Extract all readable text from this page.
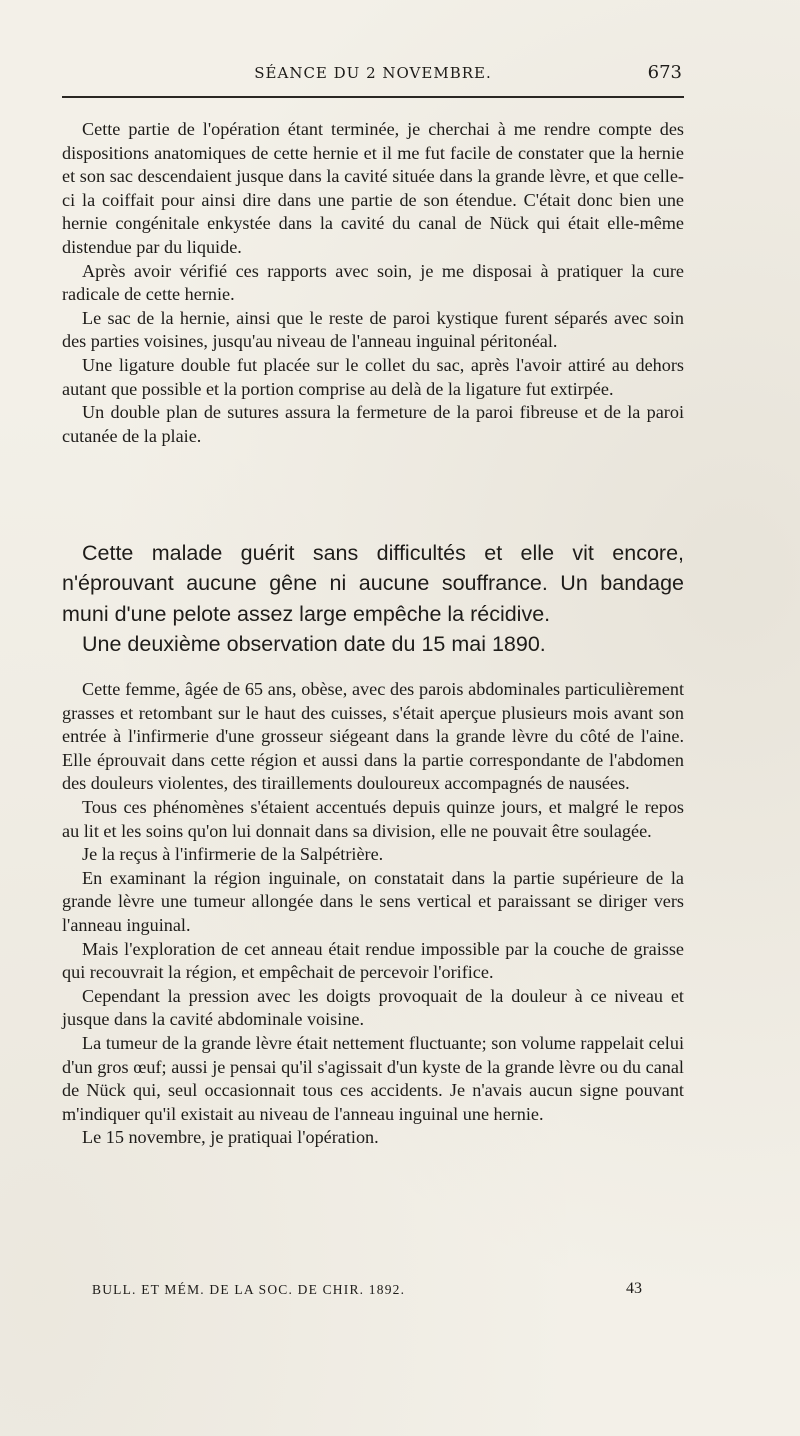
SÉANCE DU 2 NOVEMBRE.	673

Cette partie de l'opération étant terminée, je cherchai à me rendre compte des dispositions anatomiques de cette hernie et il me fut facile de constater que la hernie et son sac descendaient jusque dans la cavité située dans la grande lèvre, et que celle-ci la coiffait pour ainsi dire dans une partie de son étendue. C'était donc bien une hernie congénitale enkystée dans la cavité du canal de Nück qui était elle-même distendue par du liquide.

Après avoir vérifié ces rapports avec soin, je me disposai à pratiquer la cure radicale de cette hernie.

Le sac de la hernie, ainsi que le reste de paroi kystique furent séparés avec soin des parties voisines, jusqu'au niveau de l'anneau inguinal péritonéal.

Une ligature double fut placée sur le collet du sac, après l'avoir attiré au dehors autant que possible et la portion comprise au delà de la ligature fut extirpée.

Un double plan de sutures assura la fermeture de la paroi fibreuse et de la paroi cutanée de la plaie.

Cette malade guérit sans difficultés et elle vit encore, n'éprouvant aucune gêne ni aucune souffrance. Un bandage muni d'une pelote assez large empêche la récidive.

Une deuxième observation date du 15 mai 1890.

Cette femme, âgée de 65 ans, obèse, avec des parois abdominales particulièrement grasses et retombant sur le haut des cuisses, s'était aperçue plusieurs mois avant son entrée à l'infirmerie d'une grosseur siégeant dans la grande lèvre du côté de l'aine. Elle éprouvait dans cette région et aussi dans la partie correspondante de l'abdomen des douleurs violentes, des tiraillements douloureux accompagnés de nausées.

Tous ces phénomènes s'étaient accentués depuis quinze jours, et malgré le repos au lit et les soins qu'on lui donnait dans sa division, elle ne pouvait être soulagée.

Je la reçus à l'infirmerie de la Salpétrière.

En examinant la région inguinale, on constatait dans la partie supérieure de la grande lèvre une tumeur allongée dans le sens vertical et paraissant se diriger vers l'anneau inguinal.

Mais l'exploration de cet anneau était rendue impossible par la couche de graisse qui recouvrait la région, et empêchait de percevoir l'orifice.

Cependant la pression avec les doigts provoquait de la douleur à ce niveau et jusque dans la cavité abdominale voisine.

La tumeur de la grande lèvre était nettement fluctuante; son volume rappelait celui d'un gros œuf; aussi je pensai qu'il s'agissait d'un kyste de la grande lèvre ou du canal de Nück qui, seul occasionnait tous ces accidents. Je n'avais aucun signe pouvant m'indiquer qu'il existait au niveau de l'anneau inguinal une hernie.

Le 15 novembre, je pratiquai l'opération.

BULL. ET MÉM. DE LA SOC. DE CHIR. 1892.	43
